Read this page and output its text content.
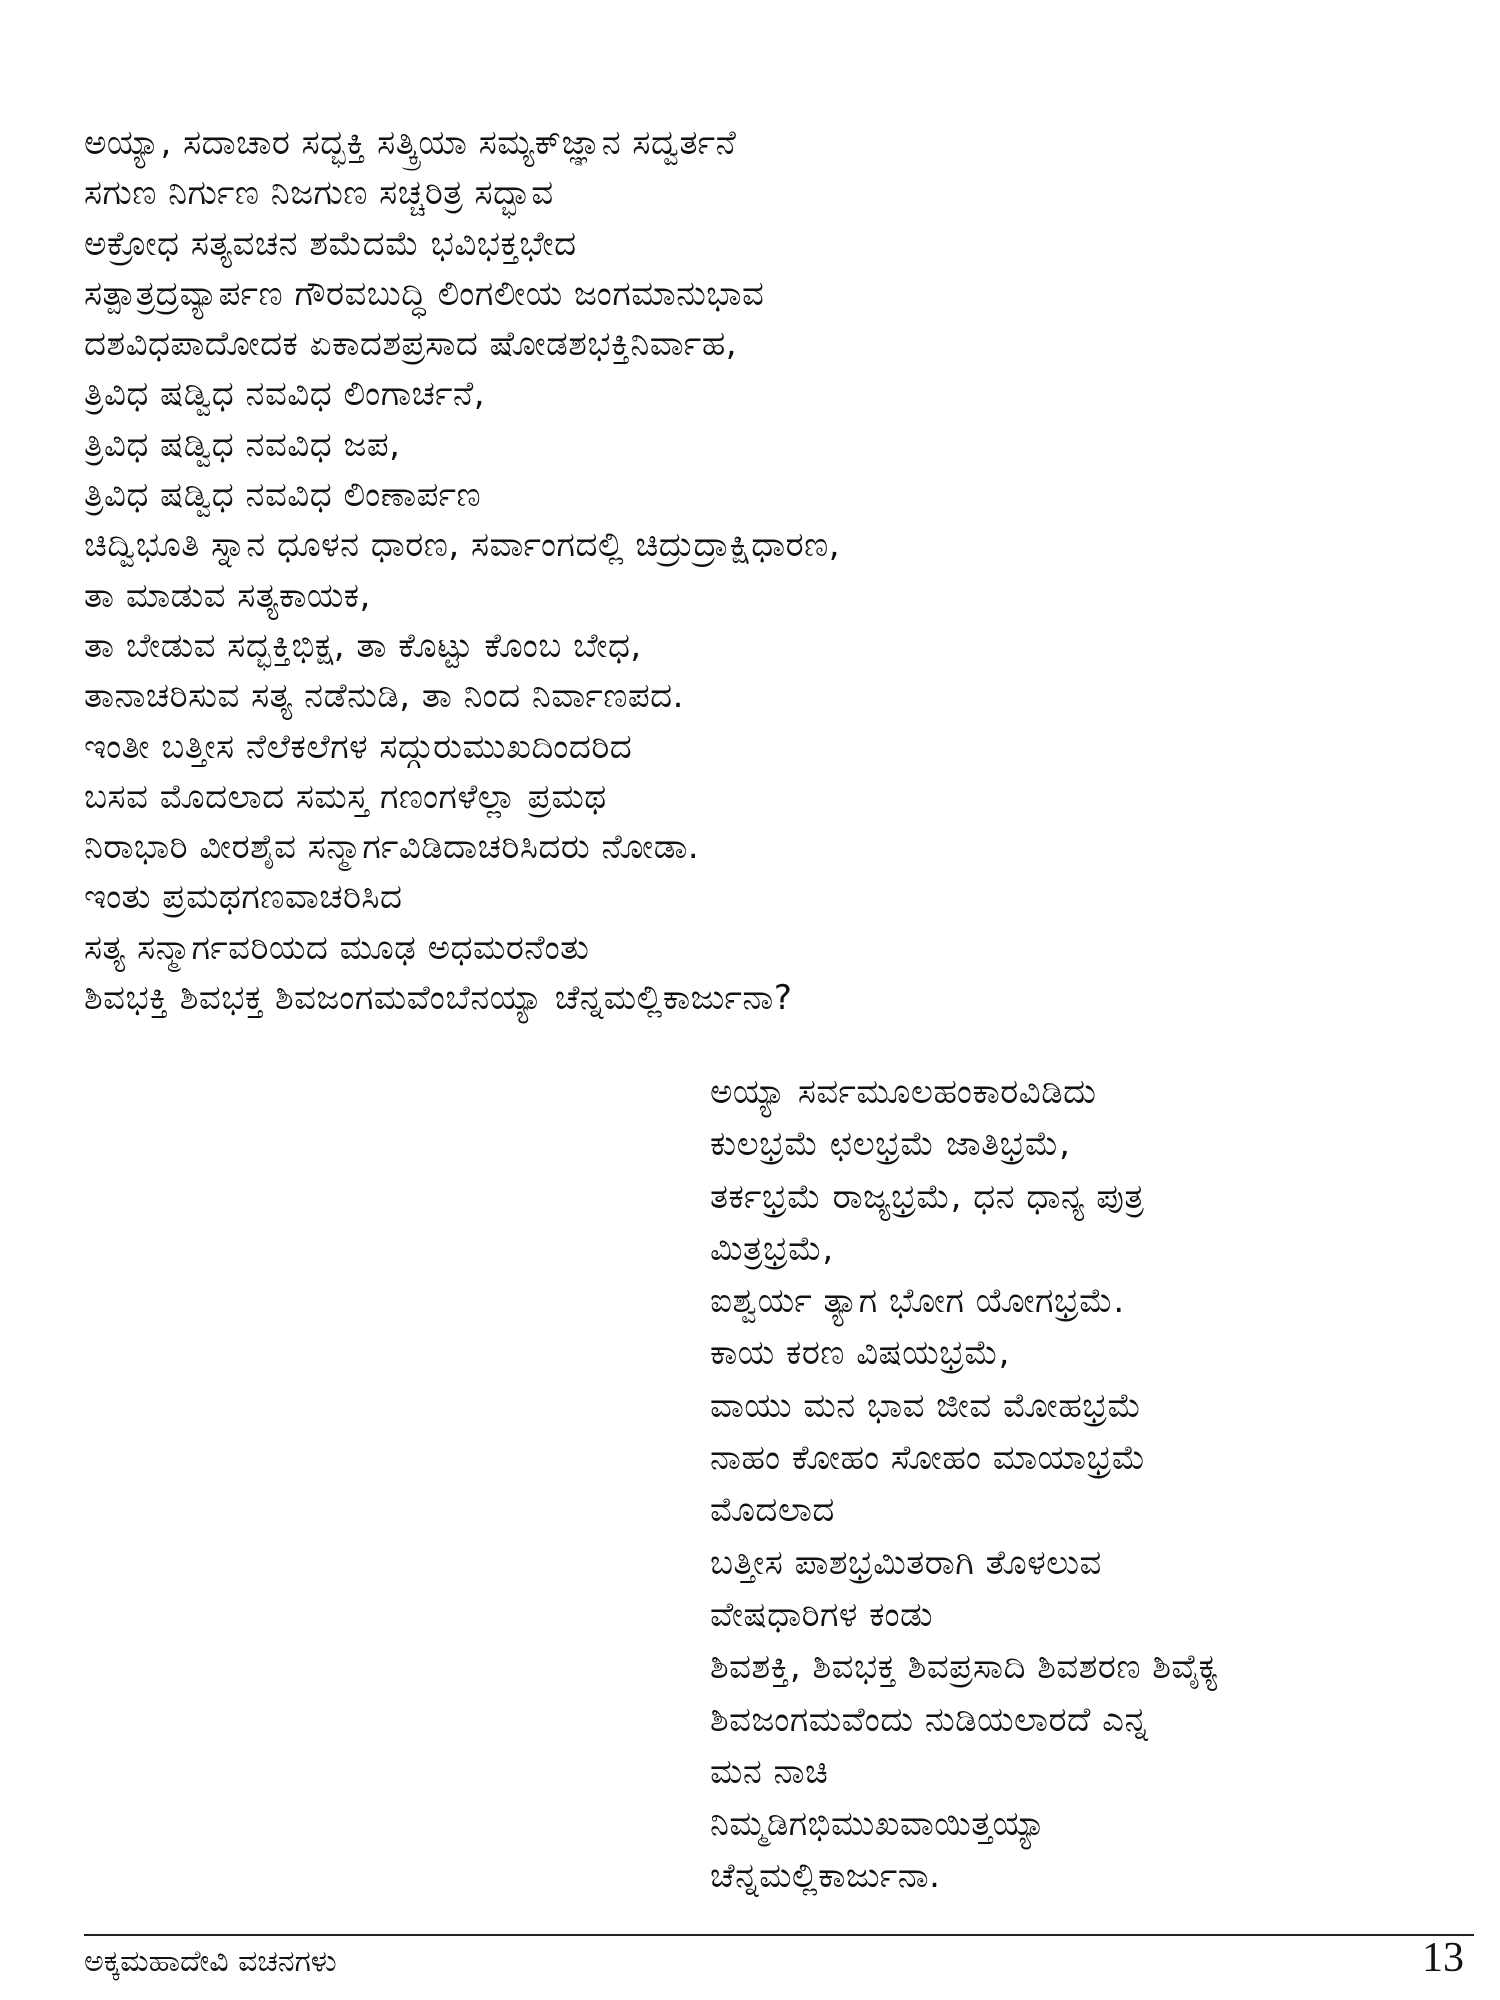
ಅಯ್ಯಾ, ಸದಾಚಾರ ಸದ್ಭಕ್ತಿ ಸತ್ಕ್ರಿಯಾ ಸಮ್ಯಕ್‌ಜ್ಞಾನ ಸದ್ವರ್ತನೆ
ಸಗುಣ ನಿರ್ಗುಣ ನಿಜಗುಣ ಸಚ್ಚರಿತ್ರ ಸದ್ಭಾವ
ಅಕ್ರೋಧ ಸತ್ಯವಚನ ಶಮೆದಮೆ ಭವಿಭಕ್ತಭೇದ
ಸತ್ಪಾತ್ರದ್ರವ್ಯಾರ್ಪಣ ಗೌರವಬುದ್ಧಿ ಲಿಂಗಲೀಯ ಜಂಗಮಾನುಭಾವ
ದಶವಿಧಪಾದೋದಕ ಏಕಾದಶಪ್ರಸಾದ ಷೋಡಶಭಕ್ತಿನಿರ್ವಾಹ,
ತ್ರಿವಿಧ ಷಡ್ವಿಧ ನವವಿಧ ಲಿಂಗಾರ್ಚನೆ,
ತ್ರಿವಿಧ ಷಡ್ವಿಧ ನವವಿಧ ಜಪ,
ತ್ರಿವಿಧ ಷಡ್ವಿಧ ನವವಿಧ ಲಿಂಣಾರ್ಪಣ
ಚಿದ್ವಿಭೂತಿ ಸ್ನಾನ ಧೂಳನ ಧಾರಣ, ಸರ್ವಾಂಗದಲ್ಲಿ ಚಿದ್ರುದ್ರಾಕ್ಷಿಧಾರಣ,
ತಾ ಮಾಡುವ ಸತ್ಯಕಾಯಕ,
ತಾ ಬೇಡುವ ಸದ್ಭಕ್ತಿಭಿಕ್ಷ, ತಾ ಕೊಟ್ಟು ಕೊಂಬ ಬೇಧ,
ತಾನಾಚರಿಸುವ ಸತ್ಯ ನಡೆನುಡಿ, ತಾ ನಿಂದ ನಿರ್ವಾಣಪದ.
ಇಂತೀ ಬತ್ತೀಸ ನೆಲೆಕಲೆಗಳ ಸದ್ಗುರುಮುಖದಿಂದರಿದ
ಬಸವ ಮೊದಲಾದ ಸಮಸ್ತ ಗಣಂಗಳೆಲ್ಲಾ ಪ್ರಮಥ
ನಿರಾಭಾರಿ ವೀರಶೈವ ಸನ್ಮಾರ್ಗವಿಡಿದಾಚರಿಸಿದರು ನೋಡಾ.
ಇಂತು ಪ್ರಮಥಗಣವಾಚರಿಸಿದ
ಸತ್ಯ ಸನ್ಮಾರ್ಗವರಿಯದ ಮೂಢ ಅಧಮರನೆಂತು
ಶಿವಭಕ್ತಿ ಶಿವಭಕ್ತ ಶಿವಜಂಗಮವೆಂಬೆನಯ್ಯಾ ಚೆನ್ನಮಲ್ಲಿಕಾರ್ಜುನಾ?
ಅಯ್ಯಾ ಸರ್ವಮೂಲಹಂಕಾರವಿಡಿದು
ಕುಲಭ್ರಮೆ ಛಲಭ್ರಮೆ ಜಾತಿಭ್ರಮೆ,
ತರ್ಕಭ್ರಮೆ ರಾಜ್ಯಭ್ರಮೆ, ಧನ ಧಾನ್ಯ ಪುತ್ರ
ಮಿತ್ರಭ್ರಮೆ,
ಐಶ್ವರ್ಯ ತ್ಯಾಗ ಭೋಗ ಯೋಗಭ್ರಮೆ.
ಕಾಯ ಕರಣ ವಿಷಯಭ್ರಮೆ,
ವಾಯು ಮನ ಭಾವ ಜೀವ ಮೋಹಭ್ರಮೆ
ನಾಹಂ ಕೋಹಂ ಸೋಹಂ ಮಾಯಾಭ್ರಮೆ
ಮೊದಲಾದ
ಬತ್ತೀಸ ಪಾಶಭ್ರಮಿತರಾಗಿ ತೊಳಲುವ
ವೇಷಧಾರಿಗಳ ಕಂಡು
ಶಿವಶಕ್ತಿ, ಶಿವಭಕ್ತ ಶಿವಪ್ರಸಾದಿ ಶಿವಶರಣ ಶಿವೈಕ್ಯ
ಶಿವಜಂಗಮವೆಂದು ನುಡಿಯಲಾರದೆ ಎನ್ನ
ಮನ ನಾಚಿ
ನಿಮ್ಮಡಿಗಭಿಮುಖವಾಯಿತ್ತಯ್ಯಾ
ಚೆನ್ನಮಲ್ಲಿಕಾರ್ಜುನಾ.
ಅಕ್ಕಮಹಾದೇವಿ ವಚನಗಳು	13
